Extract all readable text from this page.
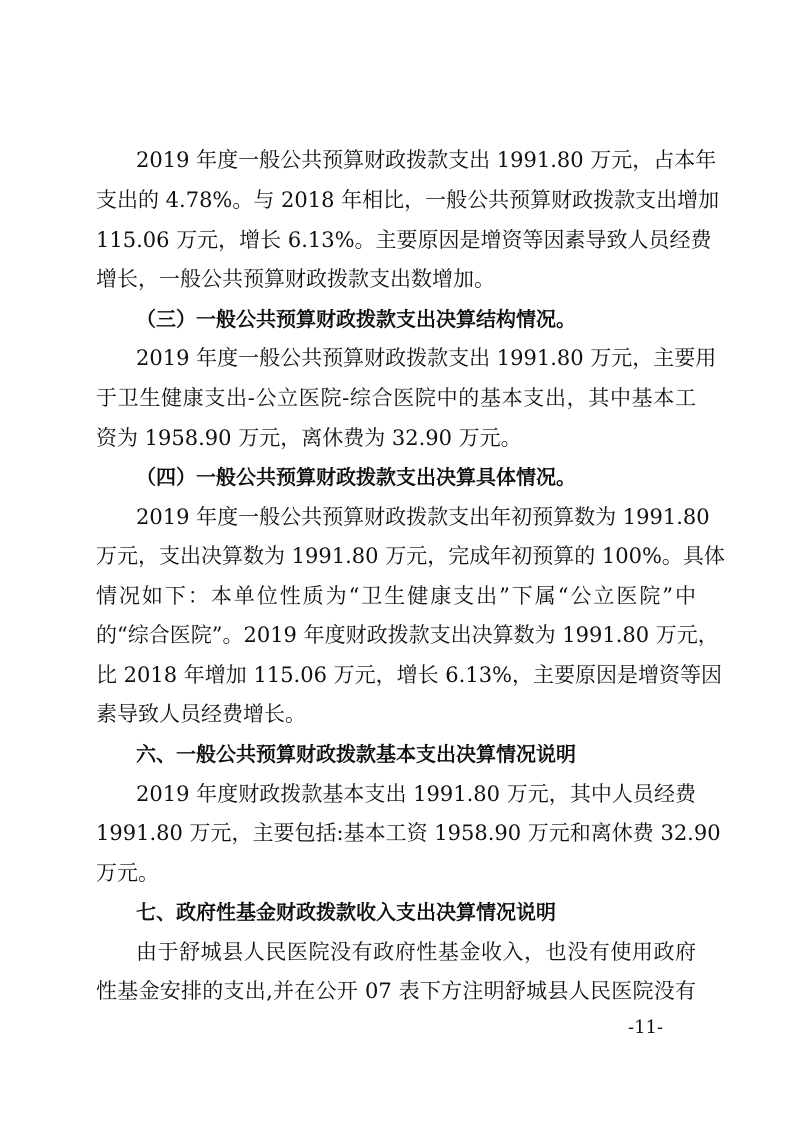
2019 年度一般公共预算财政拨款支出 1991.80 万元，占本年
支出的 4.78%。与 2018 年相比，一般公共预算财政拨款支出增加
115.06 万元，增长 6.13%。主要原因是增资等因素导致人员经费
增长，一般公共预算财政拨款支出数增加。
（三）一般公共预算财政拨款支出决算结构情况。
2019 年度一般公共预算财政拨款支出 1991.80 万元，主要用
于卫生健康支出-公立医院-综合医院中的基本支出，其中基本工
资为 1958.90 万元，离休费为 32.90 万元。
（四）一般公共预算财政拨款支出决算具体情况。
2019 年度一般公共预算财政拨款支出年初预算数为 1991.80
万元，支出决算数为 1991.80 万元，完成年初预算的 100%。具体
情况如下：本单位性质为“卫生健康支出”下属“公立医院”中
的“综合医院”。2019 年度财政拨款支出决算数为 1991.80 万元，
比 2018 年增加 115.06 万元，增长 6.13%，主要原因是增资等因
素导致人员经费增长。
六、一般公共预算财政拨款基本支出决算情况说明
2019 年度财政拨款基本支出 1991.80 万元，其中人员经费
1991.80 万元，主要包括:基本工资 1958.90 万元和离休费 32.90
万元。
七、政府性基金财政拨款收入支出决算情况说明
由于舒城县人民医院没有政府性基金收入，也没有使用政府
性基金安排的支出,并在公开 07 表下方注明舒城县人民医院没有
-11-
